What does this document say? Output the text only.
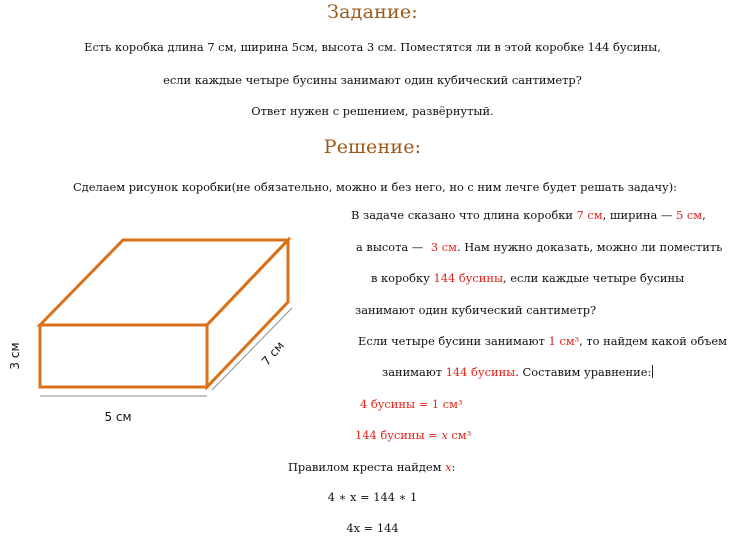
Задание:
Есть коробка длина 7 см, ширина 5см, высота 3 см. Поместятся ли в этой коробке 144 бусины,
если каждые четыре бусины занимают один кубический сантиметр?
Ответ нужен с решением, развёрнутый.
Решение:
Сделаем рисунок коробки(не обязательно, можно и без него, но с ним лечге будет решать задачу):
3 см
5 см
7 см
В задаче сказано что длина коробки 7 см, ширина — 5 см,
а высота — 3 см. Нам нужно доказать, можно ли поместить
в коробку 144 бусины, если каждые четыре бусины
занимают один кубический сантиметр?
Если четыре бусини занимают 1 см³, то найдем какой объем
занимают 144 бусины. Составим уравнение:
4 бусины = 1 см³
144 бусины = x см³
Правилом креста найдем x:
4 ∗ x = 144 ∗ 1
4x = 144
